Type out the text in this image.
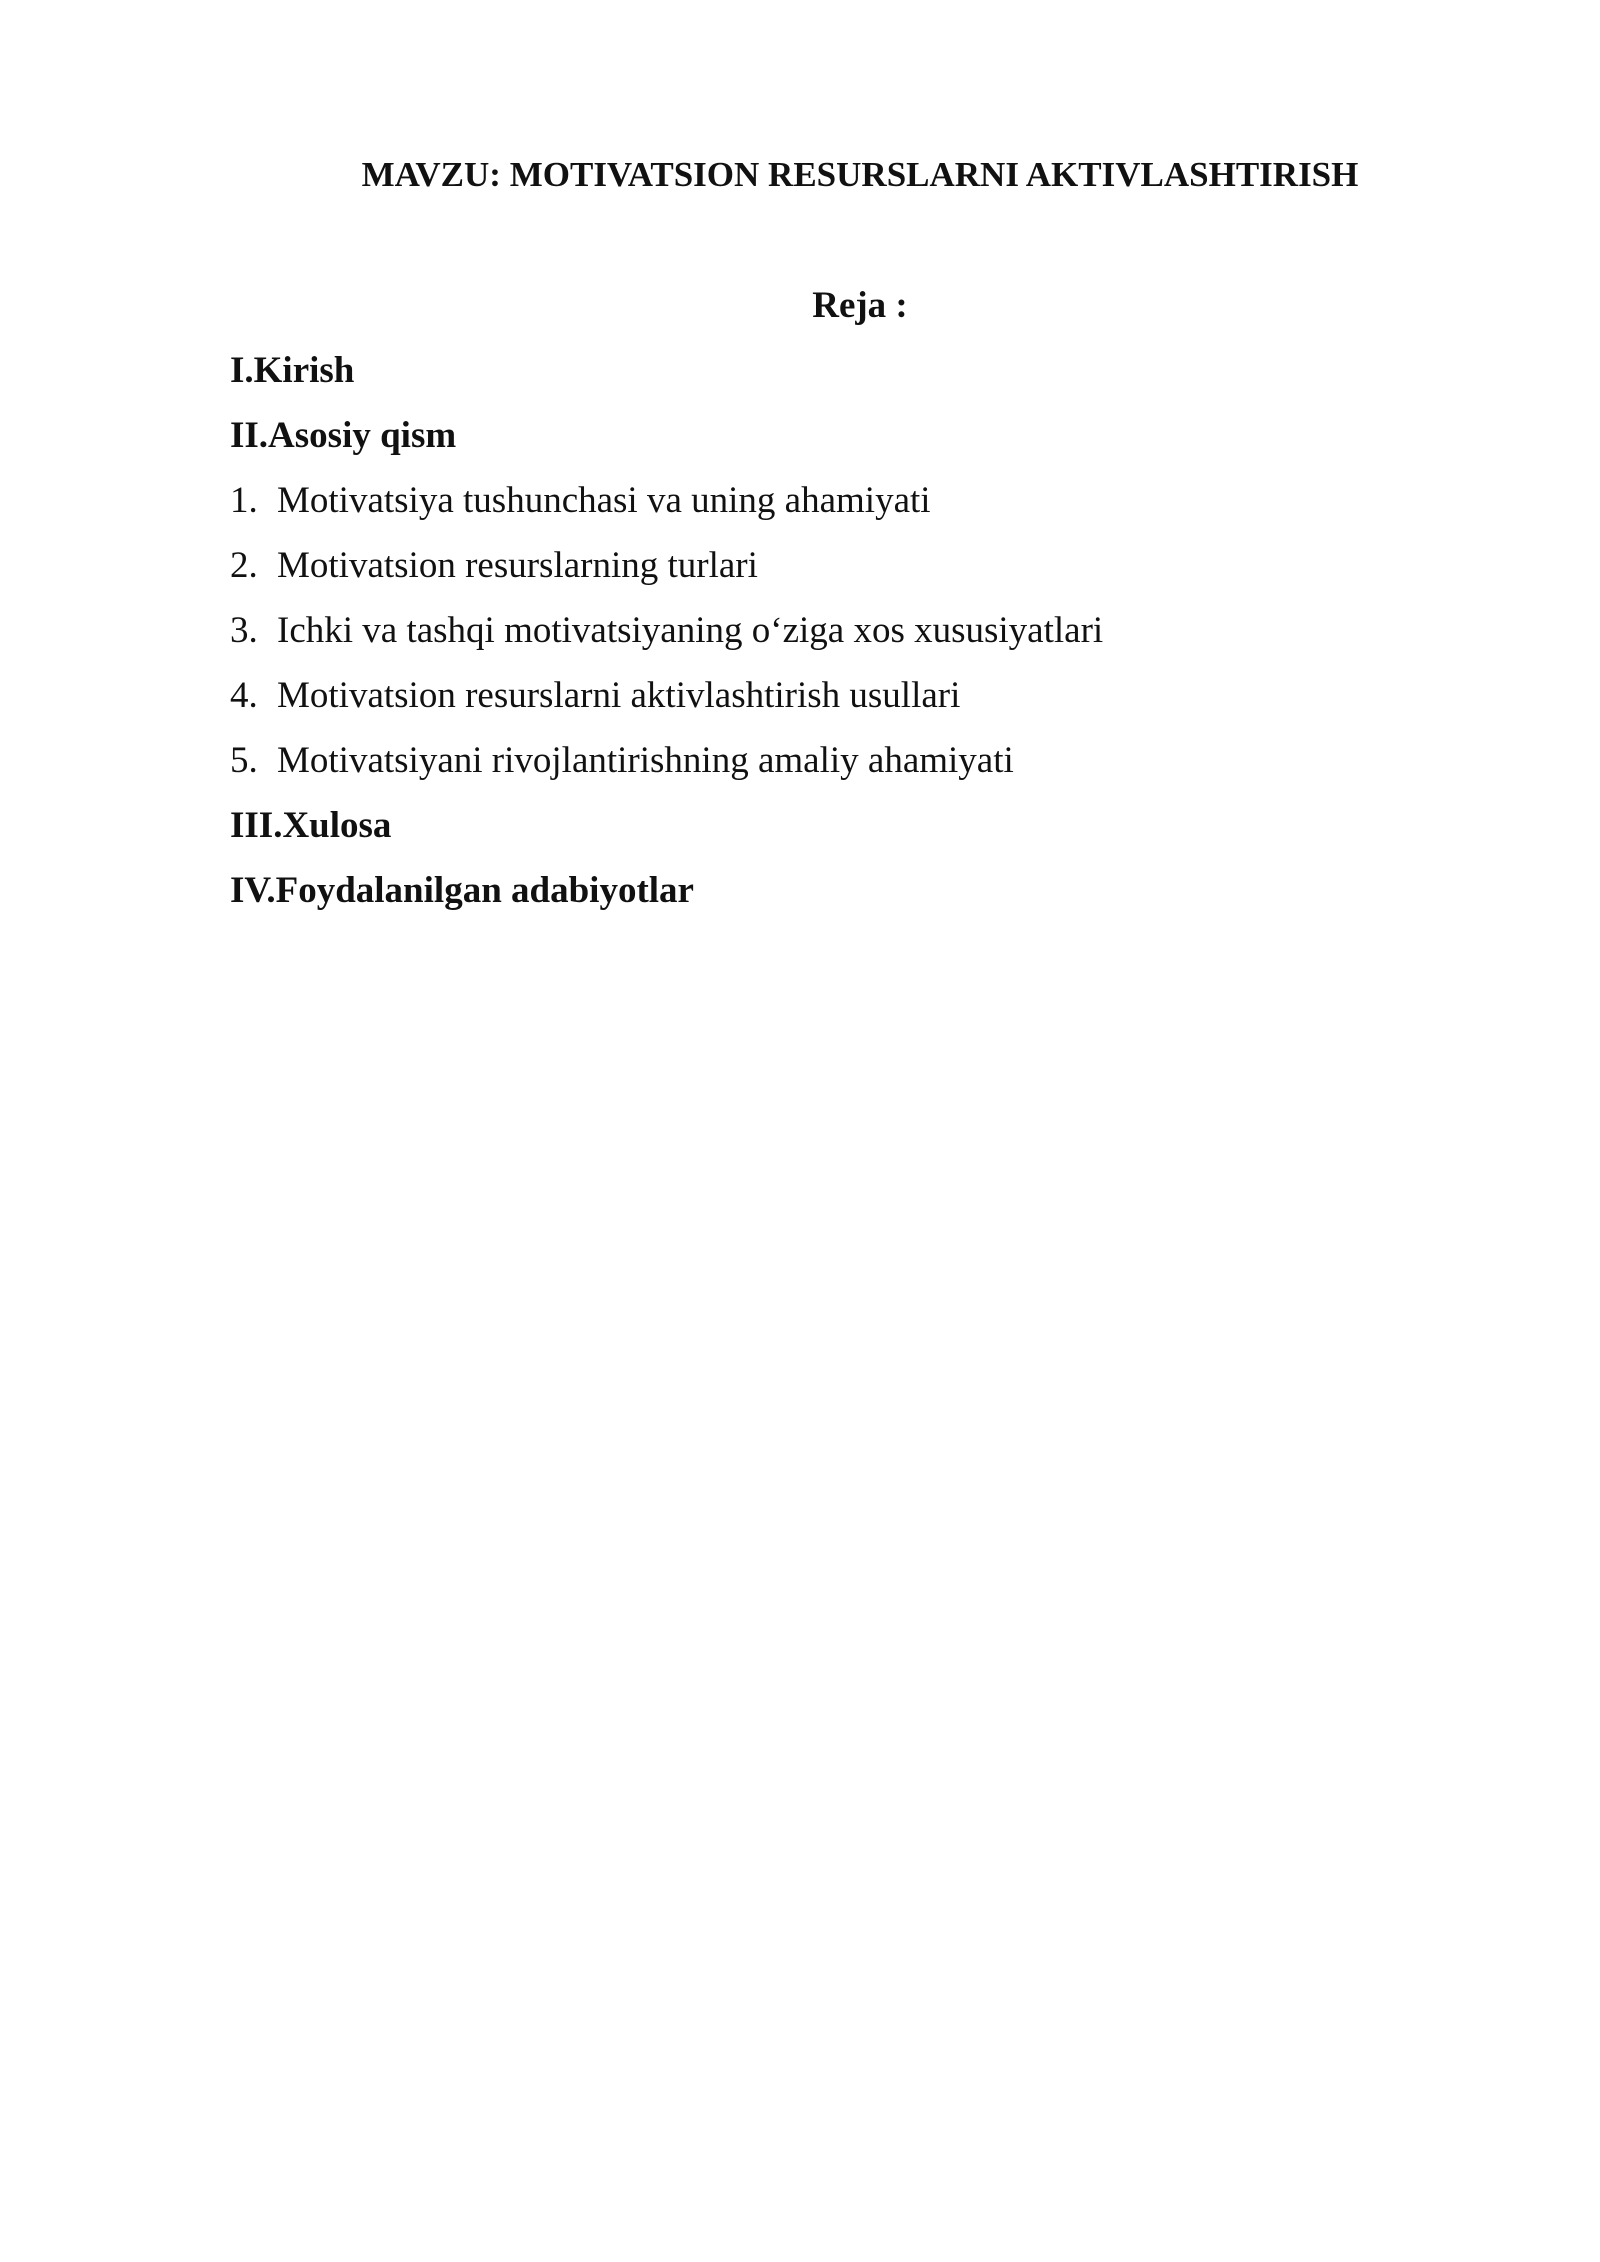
MAVZU: MOTIVATSION RESURSLARNI AKTIVLASHTIRISH
Reja :
I.Kirish
II.Asosiy qism
1. Motivatsiya tushunchasi va uning ahamiyati
2. Motivatsion resurslarning turlari
3. Ichki va tashqi motivatsiyaning o‘ziga xos xususiyatlari
4. Motivatsion resurslarni aktivlashtirish usullari
5. Motivatsiyani rivojlantirishning amaliy ahamiyati
III.Xulosa
IV.Foydalanilgan adabiyotlar
